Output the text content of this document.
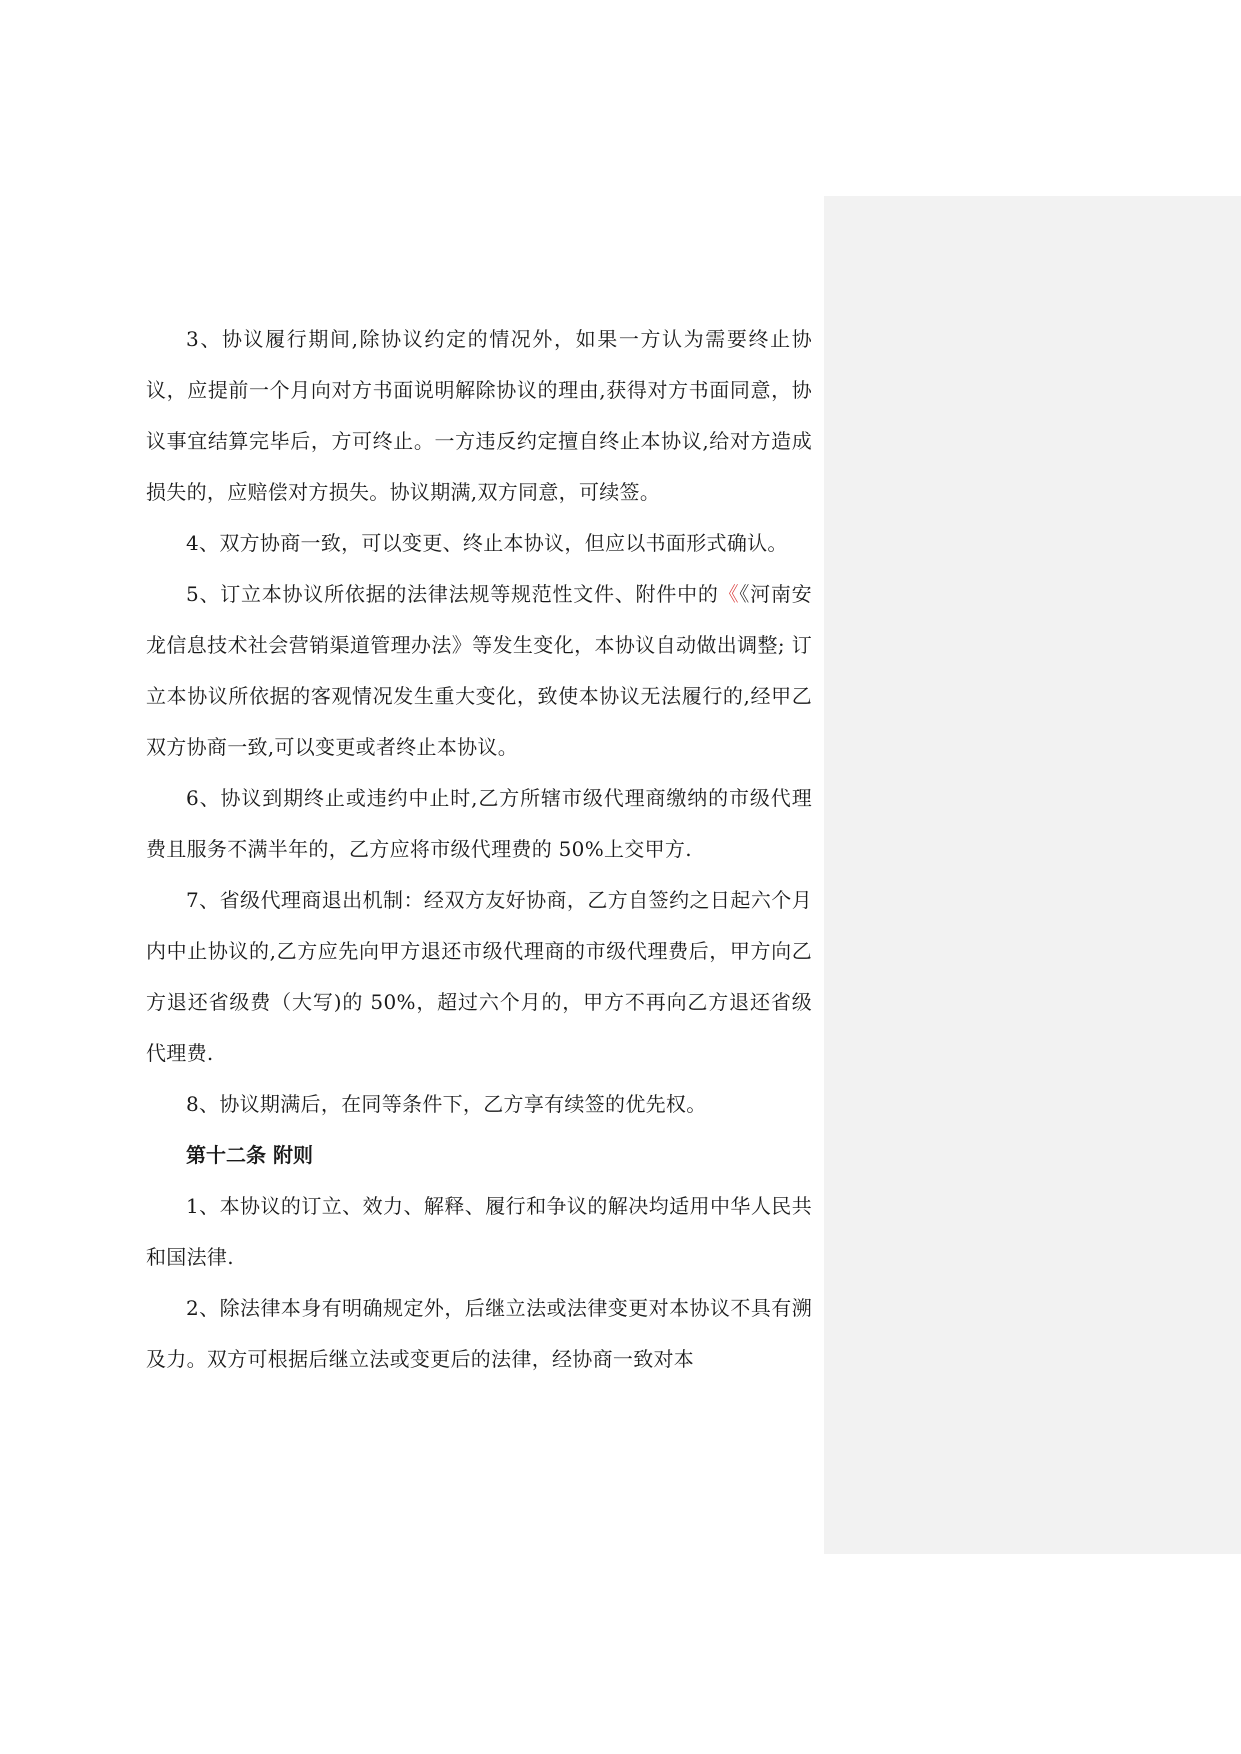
3、协议履行期间,除协议约定的情况外，如果一方认为需要终止协议，应提前一个月向对方书面说明解除协议的理由,获得对方书面同意，协议事宜结算完毕后，方可终止。一方违反约定擅自终止本协议,给对方造成损失的，应赔偿对方损失。协议期满,双方同意，可续签。

4、双方协商一致，可以变更、终止本协议，但应以书面形式确认。

5、订立本协议所依据的法律法规等规范性文件、附件中的《《河南安龙信息技术社会营销渠道管理办法》等发生变化，本协议自动做出调整; 订立本协议所依据的客观情况发生重大变化，致使本协议无法履行的,经甲乙双方协商一致,可以变更或者终止本协议。

6、协议到期终止或违约中止时,乙方所辖市级代理商缴纳的市级代理费且服务不满半年的，乙方应将市级代理费的 50%上交甲方.

7、省级代理商退出机制：经双方友好协商，乙方自签约之日起六个月内中止协议的,乙方应先向甲方退还市级代理商的市级代理费后，甲方向乙方退还省级费（大写)的 50%，超过六个月的，甲方不再向乙方退还省级代理费.

8、协议期满后，在同等条件下，乙方享有续签的优先权。

第十二条 附则

1、本协议的订立、效力、解释、履行和争议的解决均适用中华人民共和国法律.

2、除法律本身有明确规定外，后继立法或法律变更对本协议不具有溯及力。双方可根据后继立法或变更后的法律，经协商一致对本
